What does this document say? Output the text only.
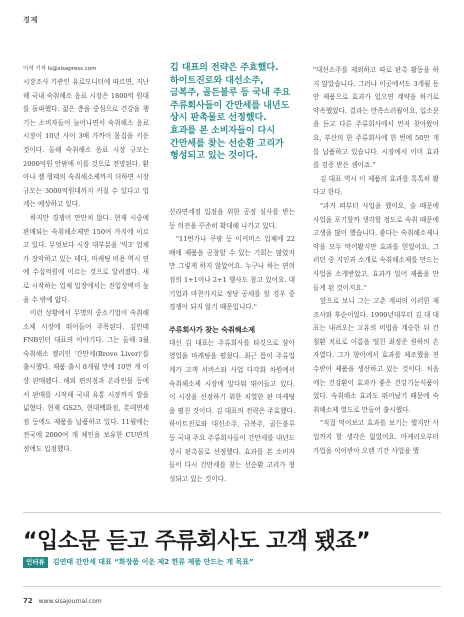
경제
이석 기자 ls@sisapress.com

시장조사 기관인 유로모니터에 따르면, 지난해 국내 숙취해소 음료 시장은 1800억 원대를 돌파했다. 젊은 층을 중심으로 건강을 챙기는 소비자들이 늘어나면서 숙취해소 음료 시장이 10년 사이 3배 가까이 몸집을 키운 것이다. 올해 숙취해소 음료 시장 규모는 2000억원 안팎에 이를 것으로 전망된다. 환아나 젤 형태의 숙취해소제까지 더하면 시장 규모는 3000억원대까지 커질 수 있다고 업계는 예상하고 있다.

하지만 경쟁이 만만치 않다. 현재 시중에 판매되는 숙취해소제만 150여 가지에 이르고 있다. 무엇보다 시장 대부분을 '빅3' 업체가 장악하고 있는 데다, 마케팅 비용 역시 연 예 수십억원에 이르는 것으로 알려졌다. 새로 시작하는 업체 입장에서는 진입장벽이 높을 수 밖에 없다.

이런 상황에서 무명의 중소기업이 숙취해소제 시장에 뛰어들어 주목된다. 김민태 FNB인터 대표의 이야기다. 그는 올해 3월 숙취해소 젤리인 '간만세(Brovo Liver)'를 출시했다. 제품 출시 8개월 만에 10만 개 이상 판매됐다. 해외 편의점과 온라인몰 등에서 판매를 시작해 국내 유통 시장까지 발을 넓혔다. 현재 GS25, 현대백화점, 롯데면세점 등에도 제품을 납품하고 있다. 11월에는 전국에 2000여 개 체인을 보유한 CU편의점에도 입점했다.

김 대표의 전략은 주효했다.
하이트진로와 대선소주,
금복주, 골든블루 등 국내 주요
주류회사들이 간만세를 내년도
상시 판촉물로 선정했다.
효과를 본 소비자들이 다시
간만세를 찾는 선순환 고리가
형성되고 있는 것이다.

신라면세점 입점을 위한 공정 심사를 받는 등 의전을 꾸준히 확대해 나가고 있다.

"11번가나 쿠팡 등 이커머스 업체에 22배에 제품을 공창할 수 있는 기회는 많았지만 그렇게 하지 않았어요. 누구나 하는 편의점의 1+1이나 2+1 행사도 참고 있어요. 대기업과 마찬가지로 정당 공세를 할 경우 중 경쟁이 되지 않기 때문입니다."

주류회사가 찾는 숙취해소제

대신 김 대표는 주류회사를 타깃으로 삼아 영업을 마케팅을 펼쳤다. 최근 틈이 주류업계가 고객 서비스와 사업 다각화 차원에서 숙취해소제 시장에 앞다퉈 뛰어들고 있다. 이 시장을 선점하기 위한 치열한 판 마케팅을 펼친 것이다. 김 대표의 전략은 주효했다. 하이트진로와 대선소주, 금복주, 골든블루 등 국내 주요 주류회사들이 간만세를 내년도 상시 판촉물로 선정했다. 효과를 본 소비자들이 다시 간만세를 찾는 선순환 고리가 형성되고 있는 것이다.

"대선소주를 제외하고 따로 판촉 활동을 하지 않았습니다. 그러나 이곳에서도 3개월 동안 제품으로 효과가 있으면 계약을 하기로 약속했었다. 결과는 만족스러웠어요, 입소문을 듣고 다른 주류회사에서 먼저 찾아왔어요, 부산의 한 주류회사에 한 번에 50만 개를 납품하고 있습니다. 시장에서 이미 효과를 검증 받은 셈이죠."

김 대표 역시 이 제품의 효과를 톡톡히 봤다고 한다.

"과거 떠부터 사업을 했어요, 술 때문에 사업을 포기할까 생각할 정도로 숙취 때문에 고생을 많이 했습니다. 좋다는 숙취해소제나 약을 모두 먹어봤지만 효과를 얻었어요, 그러던 중 지인과 소개로 숙취해소제를 만드는 사업을 소개받았고, 효과가 있어 제품을 만들게 된 것이지요."

앞으로 보니 그는 고춘 계피의 이러한 재 조사와 후순이었다. 1990년대부터 김 대 대표는 내려오는 고유의 비법을 계승한 뒤 간철환 치료로 이름을 떨친 최정준 원하의 손자였다. 그가 향아에서 효과를 제조했을 전수받아 제품을 생산하고 있는 것이다. 처음에는 건강환이 효과가 좋은 건강기능식품이었다. 숙취해소 효과도 뛰어났기 때문에 숙취해소제 열도로 만들어 출시했다.

"직접 먹어보고 효과를 보기는 했지만 사업까지 할 생각은 없었어요. 마케리오부터 가업을 이어받아 오랜 기간 사업을 했

“입소문 듣고 주류회사도 고객 됐죠”
인터뷰	김연태 간만세 대표 “화장품 이운 제2 한류 제품 만드는 게 목표”
72 www.sisajournal.com
